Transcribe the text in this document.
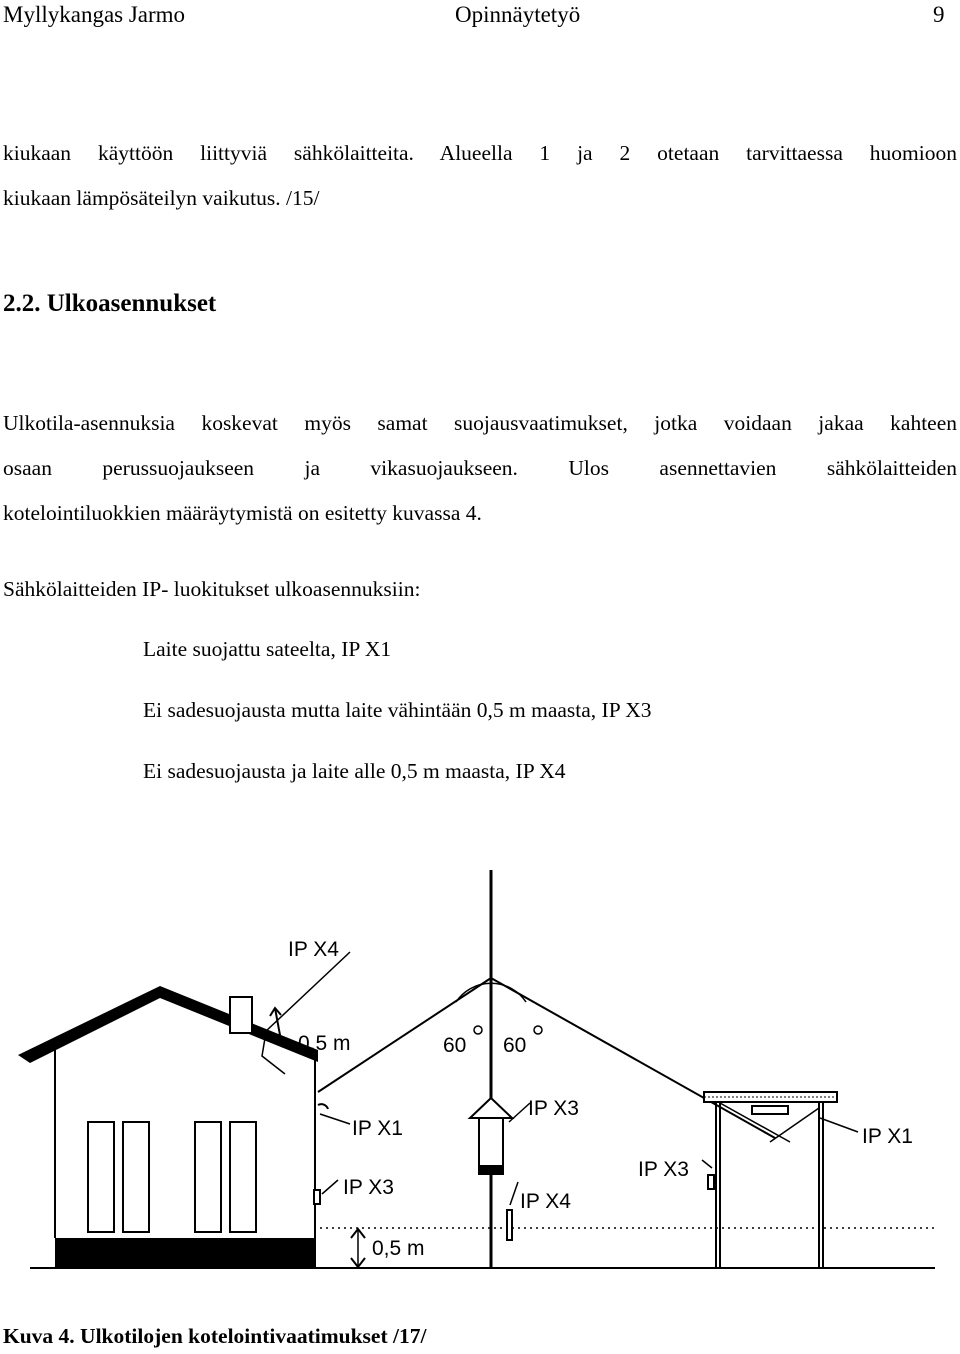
Myllykangas Jarmo	Opinnäytetyö	9
kiukaan käyttöön liittyviä sähkölaitteita. Alueella 1 ja 2 otetaan tarvittaessa huomioon
kiukaan lämpösäteilyn vaikutus. /15/
2.2. Ulkoasennukset
Ulkotila-asennuksia koskevat myös samat suojausvaatimukset, jotka voidaan jakaa kahteen
osaan perussuojaukseen ja vikasuojaukseen. Ulos asennettavien sähkölaitteiden
kotelointiluokkien määräytymistä on esitetty kuvassa 4.
Sähkölaitteiden IP- luokitukset ulkoasennuksiin:
Laite suojattu sateelta, IP X1
Ei sadesuojausta mutta laite vähintään 0,5 m maasta, IP X3
Ei sadesuojausta ja laite alle 0,5 m maasta, IP X4
IP X4
0,5 m	60 60
IP X1
IP X3
IP X3
IP X4
IP X3
IP X1
0,5 m
Kuva 4. Ulkotilojen kotelointivaatimukset /17/
